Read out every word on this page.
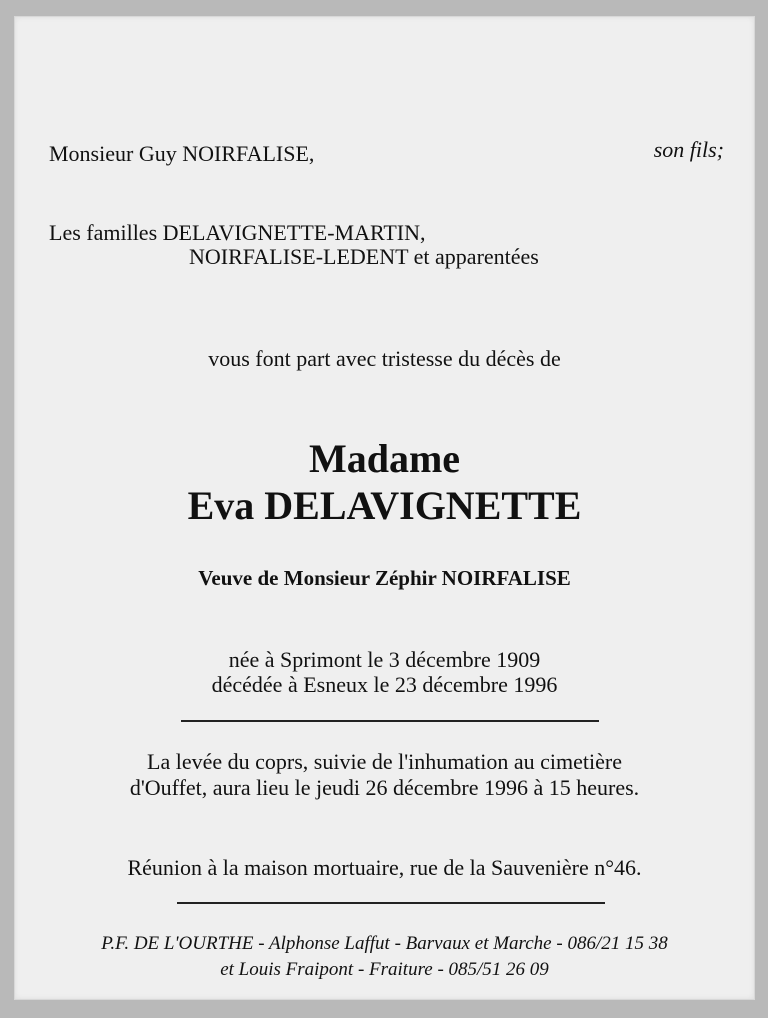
Monsieur Guy NOIRFALISE,	son fils;
Les familles DELAVIGNETTE-MARTIN,
NOIRFALISE-LEDENT et apparentées
vous font part avec tristesse du décès de
Madame
Eva DELAVIGNETTE
Veuve de Monsieur Zéphir NOIRFALISE
née à Sprimont le 3 décembre 1909
décédée à Esneux le 23 décembre 1996
La levée du coprs, suivie de l'inhumation au cimetière
d'Ouffet, aura lieu le jeudi 26 décembre 1996 à 15 heures.
Réunion à la maison mortuaire, rue de la Sauvenière n°46.
P.F. DE L'OURTHE - Alphonse Laffut - Barvaux et Marche - 086/21 15 38
et Louis Fraipont - Fraiture - 085/51 26 09
